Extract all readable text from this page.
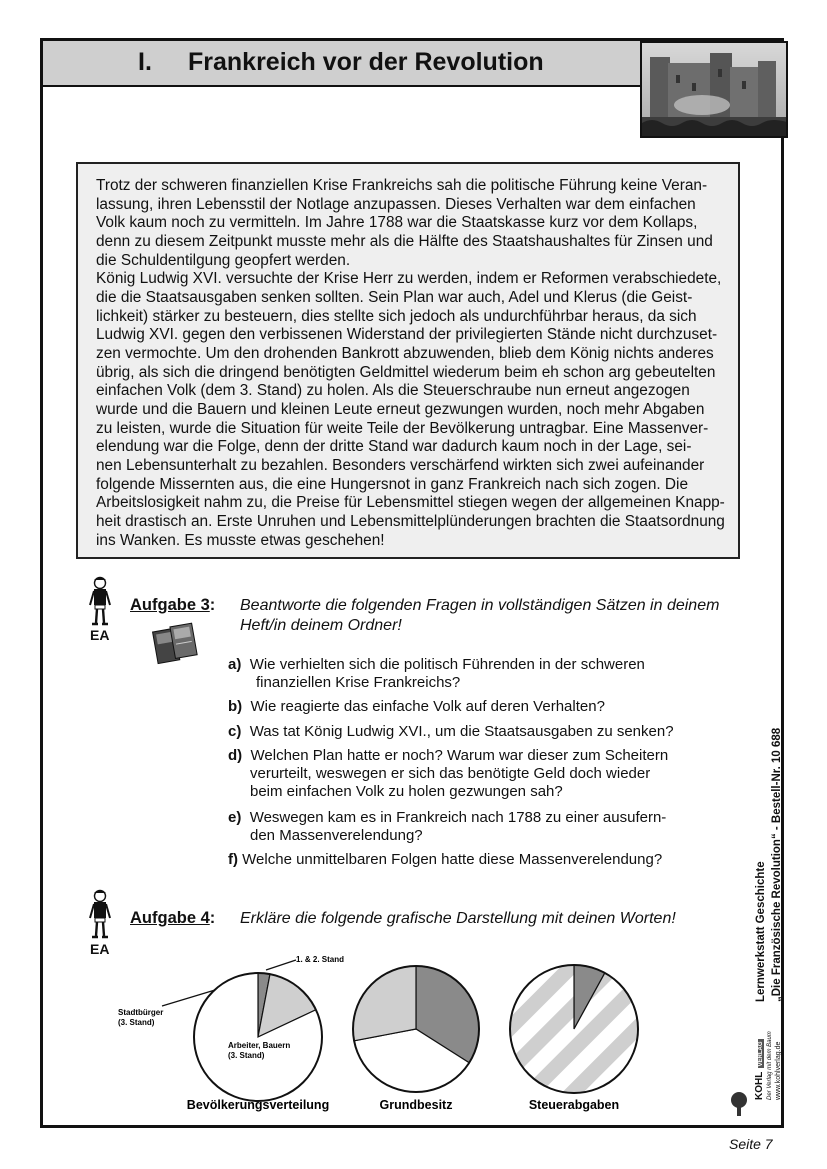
I. Frankreich vor der Revolution
Trotz der schweren finanziellen Krise Frankreichs sah die politische Führung keine Veran-
lassung, ihren Lebensstil der Notlage anzupassen. Dieses Verhalten war dem einfachen
Volk kaum noch zu vermitteln. Im Jahre 1788 war die Staatskasse kurz vor dem Kollaps,
denn zu diesem Zeitpunkt musste mehr als die Hälfte des Staatshaushaltes für Zinsen und
die Schuldentilgung geopfert werden.
König Ludwig XVI. versuchte der Krise Herr zu werden, indem er Reformen verabschiedete,
die die Staatsausgaben senken sollten. Sein Plan war auch, Adel und Klerus (die Geist-
lichkeit) stärker zu besteuern, dies stellte sich jedoch als undurchführbar heraus, da sich
Ludwig XVI. gegen den verbissenen Widerstand der privilegierten Stände nicht durchzuset-
zen vermochte. Um den drohenden Bankrott abzuwenden, blieb dem König nichts anderes
übrig, als sich die dringend benötigten Geldmittel wiederum beim eh schon arg gebeutelten
einfachen Volk (dem 3. Stand) zu holen. Als die Steuerschraube nun erneut angezogen
wurde und die Bauern und kleinen Leute erneut gezwungen wurden, noch mehr Abgaben
zu leisten, wurde die Situation für weite Teile der Bevölkerung untragbar. Eine Massenver-
elendung war die Folge, denn der dritte Stand war dadurch kaum noch in der Lage, sei-
nen Lebensunterhalt zu bezahlen. Besonders verschärfend wirkten sich zwei aufeinander
folgende Missernten aus, die eine Hungersnot in ganz Frankreich nach sich zogen. Die
Arbeitslosigkeit nahm zu, die Preise für Lebensmittel stiegen wegen der allgemeinen Knapp-
heit drastisch an. Erste Unruhen und Lebensmittelplünderungen brachten die Staatsordnung
ins Wanken. Es musste etwas geschehen!
EA
Aufgabe 3: Beantworte die folgenden Fragen in vollständigen Sätzen in deinem
Heft/in deinem Ordner!
a) Wie verhielten sich die politisch Führenden in der schweren
finanziellen Krise Frankreichs?
b) Wie reagierte das einfache Volk auf deren Verhalten?
c) Was tat König Ludwig XVI., um die Staatsausgaben zu senken?
d) Welchen Plan hatte er noch? Warum war dieser zum Scheitern
verurteilt, weswegen er sich das benötigte Geld doch wieder
beim einfachen Volk zu holen gezwungen sah?
e) Weswegen kam es in Frankreich nach 1788 zu einer ausufern-
den Massenverelendung?
f) Welche unmittelbaren Folgen hatte diese Massenverelendung?
EA
Aufgabe 4: Erkläre die folgende grafische Darstellung mit deinen Worten!
1. & 2. Stand
Stadtbürger
(3. Stand)
Arbeiter, Bauern
(3. Stand)
Bevölkerungsverteilung	Grundbesitz	Steuerabgaben
KOHL VERLAG Der Verlag mit dem Baum www.kohlverlag.de
Lernwerkstatt Geschichte „Die Französische Revolution“ - Bestell-Nr. 10 688
Seite 7
